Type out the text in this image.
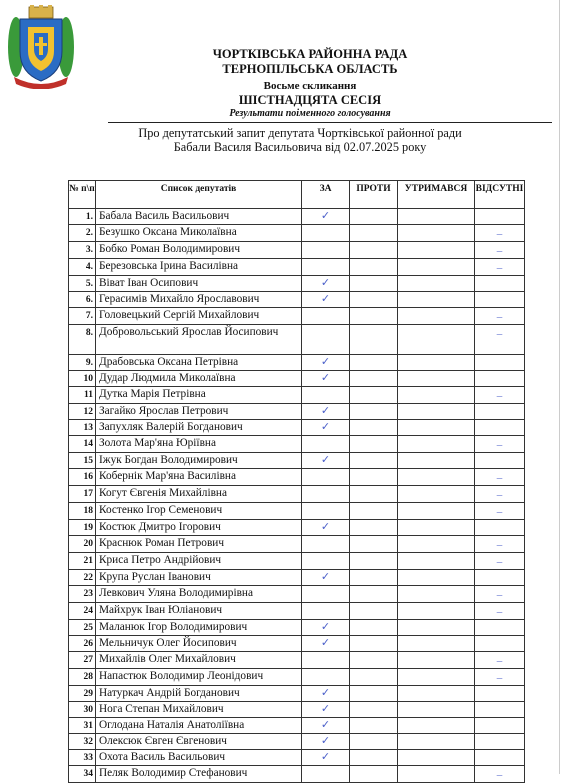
ЧОРТКІВСЬКА РАЙОННА РАДА
ТЕРНОПІЛЬСЬКА ОБЛАСТЬ
Восьме скликання
ШІСТНАДЦЯТА СЕСІЯ
Результати поіменного голосування
Про депутатський запит депутата Чортківської районної ради
Бабали Василя Васильовича від 02.07.2025 року
№ п\п	Список депутатів	ЗА	ПРОТИ	УТРИМАВСЯ	ВІДСУТНІ
1.	Бабала Василь Васильович	✓			
2.	Безушко Оксана Миколаївна				–
3.	Бобко Роман Володимирович				–
4.	Березовська Ірина Василівна				–
5.	Віват Іван Осипович	✓			
6.	Герасимів Михайло Ярославович	✓			
7.	Головецький Сергій Михайлович				–
8.	Добровольський Ярослав Йосипович				–
9.	Драбовська Оксана Петрівна	✓			
10	Дудар Людмила Миколаївна	✓			
11	Дутка Марія Петрівна				–
12	Загайко Ярослав Петрович	✓			
13	Запухляк Валерій Богданович	✓			
14	Золота Мар'яна Юріївна				–
15	Іжук Богдан Володимирович	✓			
16	Кобернік Мар'яна Василівна				–
17	Когут Євгенія Михайлівна				–
18	Костенко Ігор Семенович				–
19	Костюк Дмитро Ігорович	✓			
20	Краснюк Роман Петрович				–
21	Криса Петро Андрійович				–
22	Крупа Руслан Іванович	✓			
23	Левкович Уляна Володимирівна				–
24	Майхрук Іван Юліанович				–
25	Маланюк Ігор Володимирович	✓			
26	Мельничук Олег Йосипович	✓			
27	Михайлів Олег Михайлович				–
28	Напастюк Володимир Леонідович				–
29	Натуркач Андрій Богданович	✓			
30	Нога Степан Михайлович	✓			
31	Оглодана Наталія Анатоліївна	✓			
32	Олексюк Євген Євгенович	✓			
33	Охота Василь Васильович	✓			
34	Пеляк Володимир Стефанович				–
